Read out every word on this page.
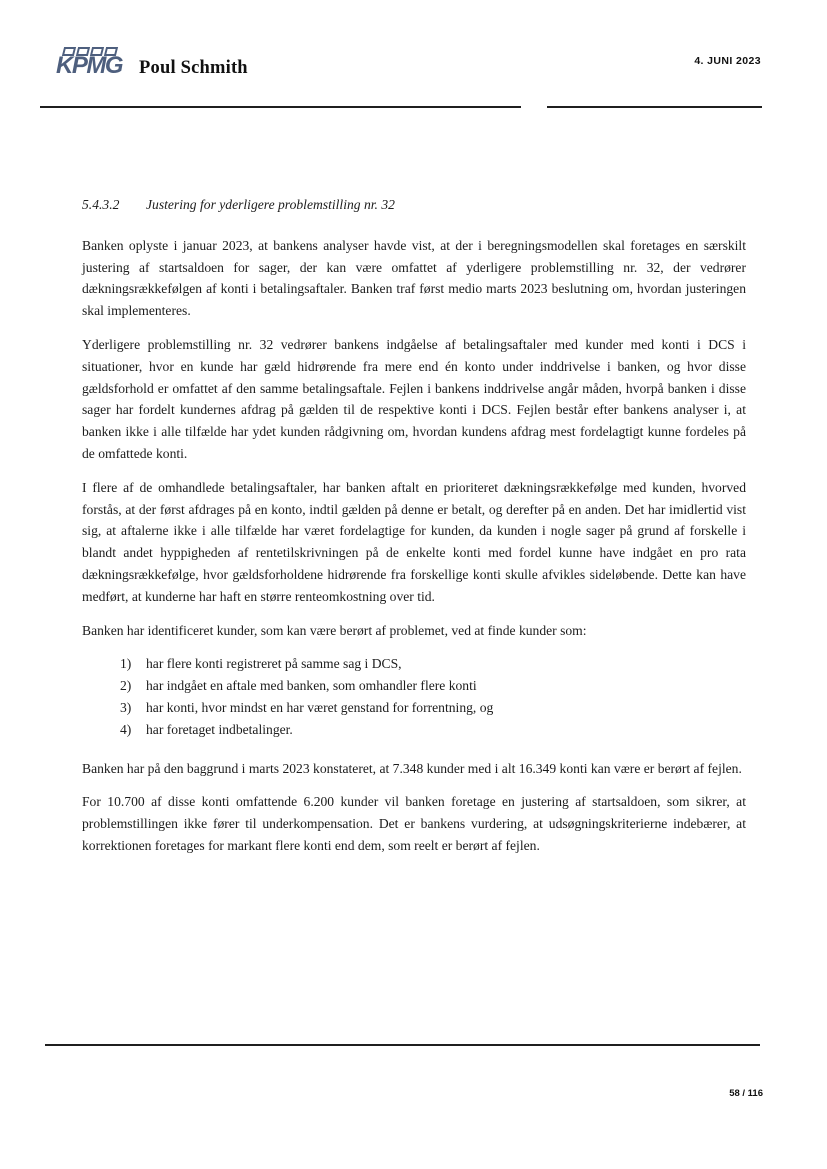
KPMG Poul Schmith	4. JUNI 2023
5.4.3.2	Justering for yderligere problemstilling nr. 32

Banken oplyste i januar 2023, at bankens analyser havde vist, at der i beregningsmodellen skal foretages en særskilt justering af startsaldoen for sager, der kan være omfattet af yderligere problemstilling nr. 32, der vedrører dækningsrækkefølgen af konti i betalingsaftaler. Banken traf først medio marts 2023 beslutning om, hvordan justeringen skal implementeres.

Yderligere problemstilling nr. 32 vedrører bankens indgåelse af betalingsaftaler med kunder med konti i DCS i situationer, hvor en kunde har gæld hidrørende fra mere end én konto under inddrivelse i banken, og hvor disse gældsforhold er omfattet af den samme betalingsaftale. Fejlen i bankens inddrivelse angår måden, hvorpå banken i disse sager har fordelt kundernes afdrag på gælden til de respektive konti i DCS. Fejlen består efter bankens analyser i, at banken ikke i alle tilfælde har ydet kunden rådgivning om, hvordan kundens afdrag mest fordelagtigt kunne fordeles på de omfattede konti.

I flere af de omhandlede betalingsaftaler, har banken aftalt en prioriteret dækningsrækkefølge med kunden, hvorved forstås, at der først afdrages på en konto, indtil gælden på denne er betalt, og derefter på en anden. Det har imidlertid vist sig, at aftalerne ikke i alle tilfælde har været fordelagtige for kunden, da kunden i nogle sager på grund af forskelle i blandt andet hyppigheden af rentetilskrivningen på de enkelte konti med fordel kunne have indgået en pro rata dækningsrækkefølge, hvor gældsforholdene hidrørende fra forskellige konti skulle afvikles sideløbende. Dette kan have medført, at kunderne har haft en større renteomkostning over tid.

Banken har identificeret kunder, som kan være berørt af problemet, ved at finde kunder som:

1)	har flere konti registreret på samme sag i DCS,
2)	har indgået en aftale med banken, som omhandler flere konti
3)	har konti, hvor mindst en har været genstand for forrentning, og
4)	har foretaget indbetalinger.

Banken har på den baggrund i marts 2023 konstateret, at 7.348 kunder med i alt 16.349 konti kan være er berørt af fejlen.

For 10.700 af disse konti omfattende 6.200 kunder vil banken foretage en justering af startsaldoen, som sikrer, at problemstillingen ikke fører til underkompensation. Det er bankens vurdering, at udsøgningskriterierne indebærer, at korrektionen foretages for markant flere konti end dem, som reelt er berørt af fejlen.

58 / 116
